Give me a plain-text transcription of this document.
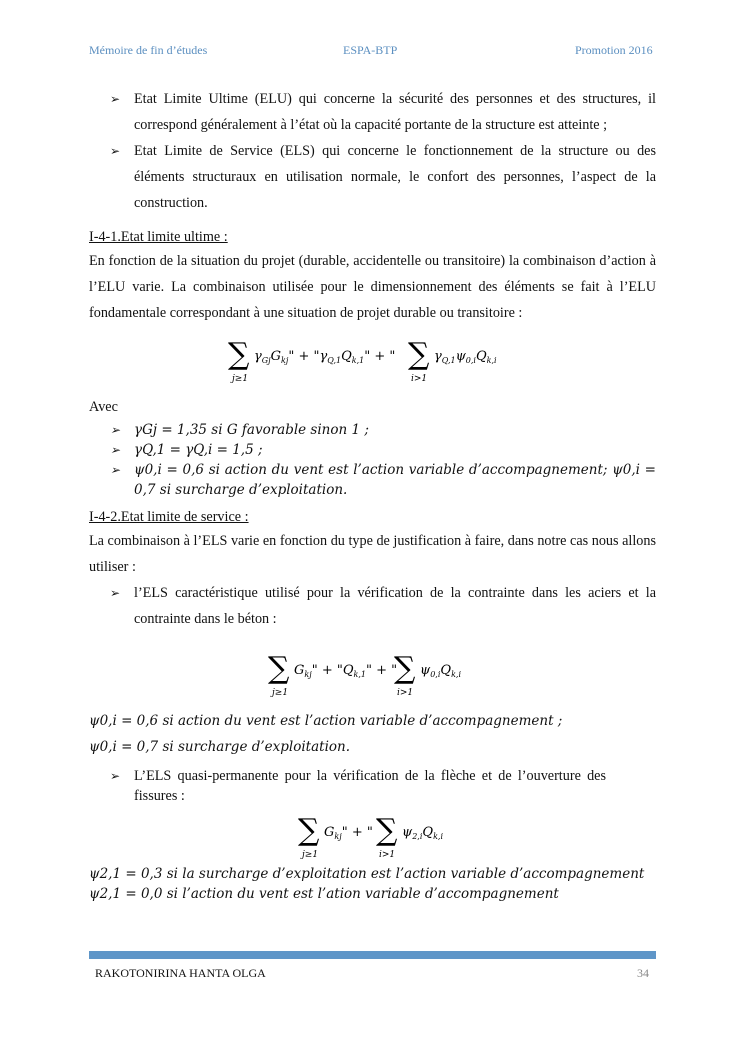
Mémoire de fin d’études	ESPA-BTP	Promotion 2016
➢ Etat Limite Ultime (ELU) qui concerne la sécurité des personnes et des structures, il correspond généralement à l’état où la capacité portante de la structure est atteinte ;
➢ Etat Limite de Service (ELS) qui concerne le fonctionnement de la structure ou des éléments structuraux en utilisation normale, le confort des personnes, l’aspect de la construction.
I-4-1.Etat limite ultime :
En fonction de la situation du projet (durable, accidentelle ou transitoire) la combinaison d’action à l’ELU varie. La combinaison utilisée pour le dimensionnement des éléments se fait à l’ELU fondamentale correspondant à une situation de projet durable ou transitoire :
∑
j≥1
$\gamma_{Gj}G_{kj}$" + "$\gamma_{Q,1}Q_{k,1}$" + " ∑
i>1
$\gamma_{Q,1}\psi_{0,i}Q_{k,i}$
Avec
➢ γGj = 1,35 si G favorable sinon 1 ;
➢ γQ,1 = γQ,i = 1,5 ;
➢ ψ0,i = 0,6 si action du vent est l’action variable d’accompagnement; ψ0,i = 0,7 si surcharge d’exploitation.
I-4-2.Etat limite de service :
La combinaison à l’ELS varie en fonction du type de justification à faire, dans notre cas nous allons utiliser :
➢ l’ELS caractéristique utilisé pour la vérification de la contrainte dans les aciers et la contrainte dans le béton :
∑
j≥1
$G_{kj}$" + "$Q_{k,1}$" + "
∑
i>1
$\psi_{0,i}Q_{k,i}$
ψ0,i = 0,6 si action du vent est l’action variable d’accompagnement ;
ψ0,i = 0,7 si surcharge d’exploitation.
➢ L’ELS quasi-permanente pour la vérification de la flèche et de l’ouverture des fissures :
∑
j≥1
$G_{kj}$" + " ∑
i>1
$\psi_{2,i}Q_{k,i}$
ψ2,1 = 0,3 si la surcharge d’exploitation est l’action variable d’accompagnement
ψ2,1 = 0,0 si l’action du vent est l’ation variable d’accompagnement
RAKOTONIRINA HANTA OLGA	34
